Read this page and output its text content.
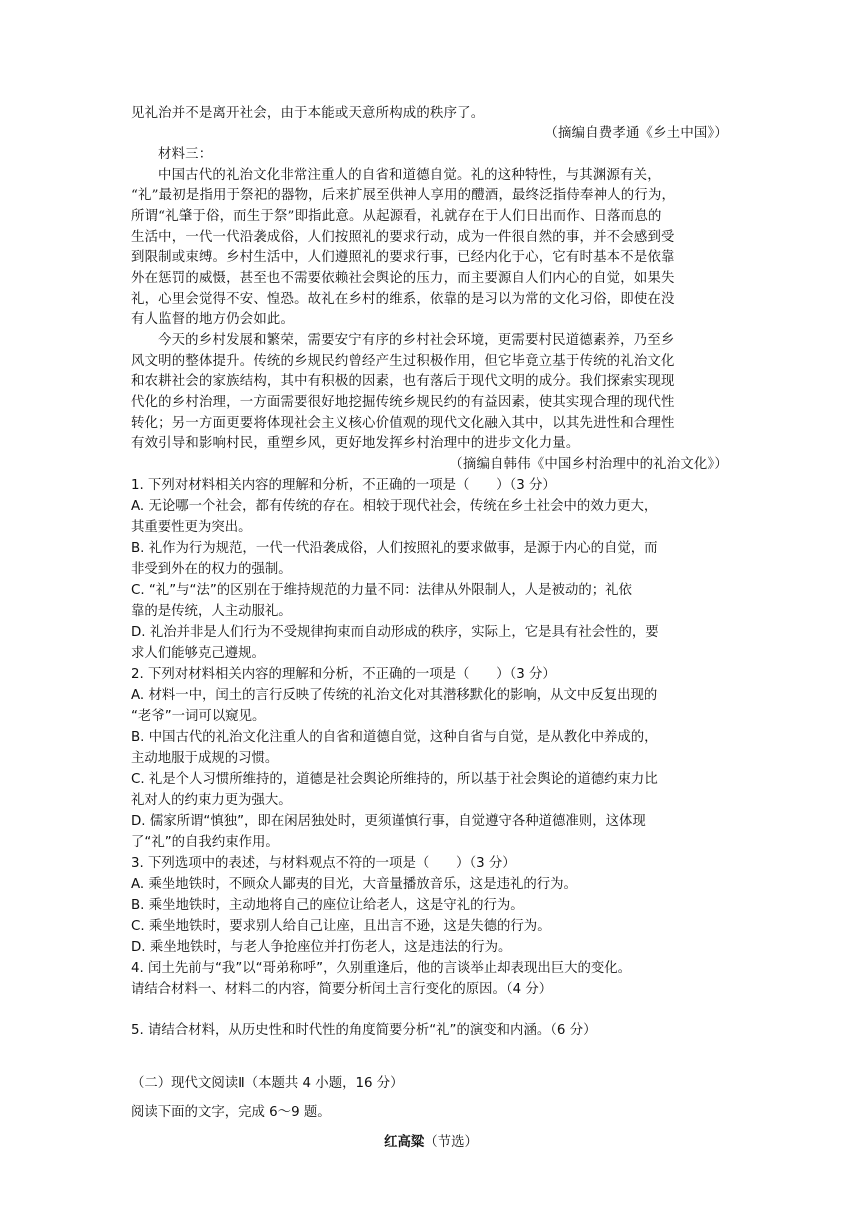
见礼治并不是离开社会，由于本能或天意所构成的秩序了。
（摘编自费孝通《乡土中国》）
材料三：
中国古代的礼治文化非常注重人的自省和道德自觉。礼的这种特性，与其渊源有关，
“礼”最初是指用于祭祀的器物，后来扩展至供神人享用的醴酒，最终泛指侍奉神人的行为，
所谓“礼肇于俗，而生于祭”即指此意。从起源看，礼就存在于人们日出而作、日落而息的
生活中，一代一代沿袭成俗，人们按照礼的要求行动，成为一件很自然的事，并不会感到受
到限制或束缚。乡村生活中，人们遵照礼的要求行事，已经内化于心，它有时基本不是依靠
外在惩罚的威慑，甚至也不需要依赖社会舆论的压力，而主要源自人们内心的自觉，如果失
礼，心里会觉得不安、惶恐。故礼在乡村的维系，依靠的是习以为常的文化习俗，即使在没
有人监督的地方仍会如此。
今天的乡村发展和繁荣，需要安宁有序的乡村社会环境，更需要村民道德素养，乃至乡
风文明的整体提升。传统的乡规民约曾经产生过积极作用，但它毕竟立基于传统的礼治文化
和农耕社会的家族结构，其中有积极的因素，也有落后于现代文明的成分。我们探索实现现
代化的乡村治理，一方面需要很好地挖掘传统乡规民约的有益因素，使其实现合理的现代性
转化；另一方面更要将体现社会主义核心价值观的现代文化融入其中，以其先进性和合理性
有效引导和影响村民，重塑乡风，更好地发挥乡村治理中的进步文化力量。
（摘编自韩伟《中国乡村治理中的礼治文化》）
1. 下列对材料相关内容的理解和分析，不正确的一项是（　　）（3 分）
A. 无论哪一个社会，都有传统的存在。相较于现代社会，传统在乡土社会中的效力更大，
其重要性更为突出。
B. 礼作为行为规范，一代一代沿袭成俗，人们按照礼的要求做事，是源于内心的自觉，而
非受到外在的权力的强制。
C. “礼”与“法”的区别在于维持规范的力量不同：法律从外限制人，人是被动的；礼依
靠的是传统，人主动服礼。
D. 礼治并非是人们行为不受规律拘束而自动形成的秩序，实际上，它是具有社会性的，要
求人们能够克己遵规。
2. 下列对材料相关内容的理解和分析，不正确的一项是（　　）（3 分）
A. 材料一中，闰土的言行反映了传统的礼治文化对其潜移默化的影响，从文中反复出现的
“老爷”一词可以窥见。
B. 中国古代的礼治文化注重人的自省和道德自觉，这种自省与自觉，是从教化中养成的，
主动地服于成规的习惯。
C. 礼是个人习惯所维持的，道德是社会舆论所维持的，所以基于社会舆论的道德约束力比
礼对人的约束力更为强大。
D. 儒家所谓“慎独”，即在闲居独处时，更须谨慎行事，自觉遵守各种道德准则，这体现
了“礼”的自我约束作用。
3. 下列选项中的表述，与材料观点不符的一项是（　　）（3 分）
A. 乘坐地铁时，不顾众人鄙夷的目光，大音量播放音乐，这是违礼的行为。
B. 乘坐地铁时，主动地将自己的座位让给老人，这是守礼的行为。
C. 乘坐地铁时，要求别人给自己让座，且出言不逊，这是失德的行为。
D. 乘坐地铁时，与老人争抢座位并打伤老人，这是违法的行为。
4. 闰土先前与“我”以“哥弟称呼”，久别重逢后，他的言谈举止却表现出巨大的变化。
请结合材料一、材料二的内容，简要分析闰土言行变化的原因。（4 分）
5. 请结合材料，从历史性和时代性的角度简要分析“礼”的演变和内涵。（6 分）
（二）现代文阅读Ⅱ（本题共 4 小题，16 分）
阅读下面的文字，完成 6～9 题。
红高粱（节选）
